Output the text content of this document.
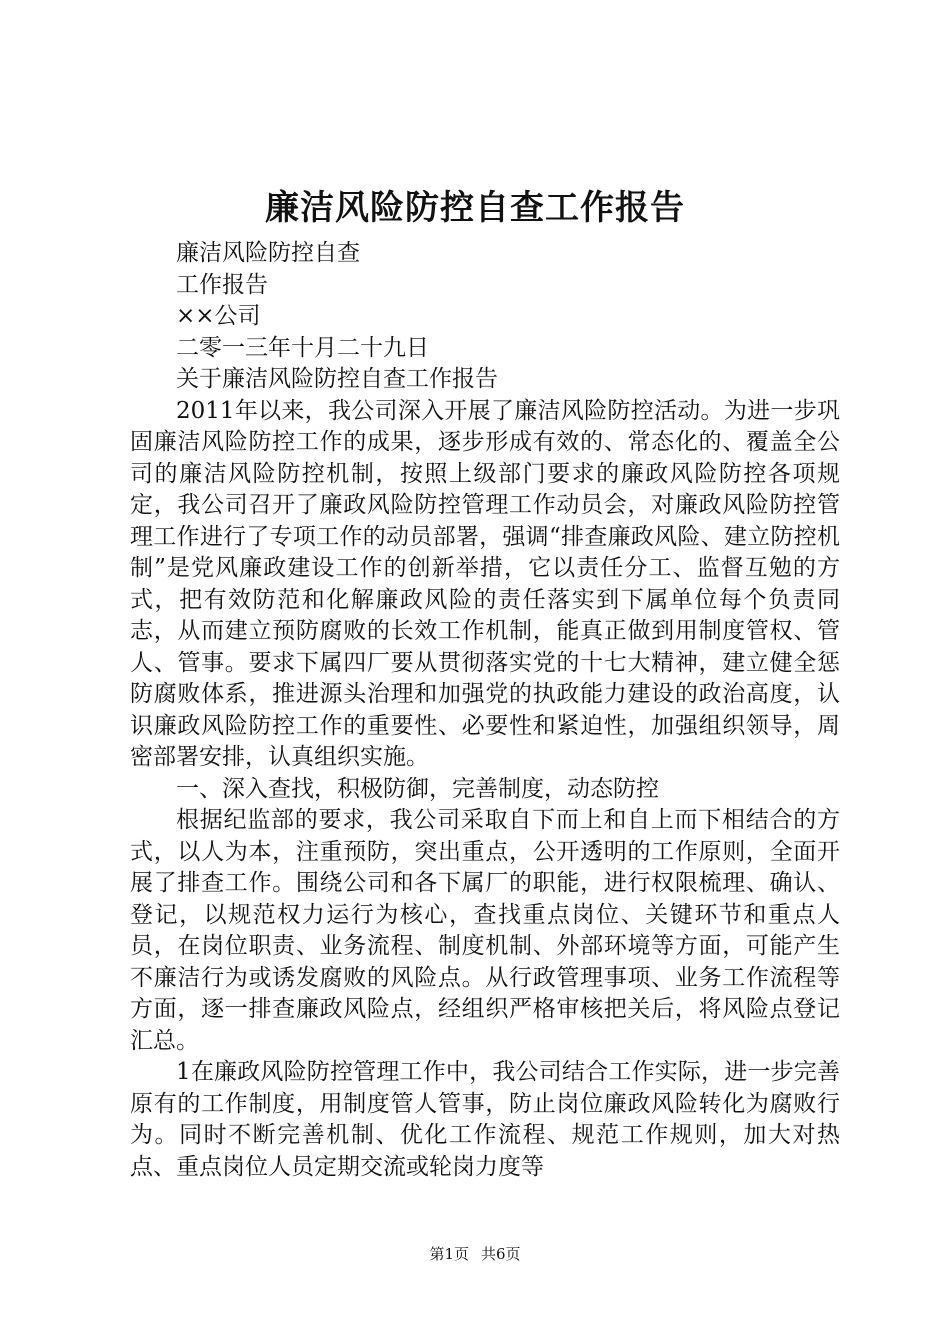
廉洁风险防控自查工作报告

廉洁风险防控自查

工作报告

××公司

二零一三年十月二十九日

关于廉洁风险防控自查工作报告

2011年以来，我公司深入开展了廉洁风险防控活动。为进一步巩固廉洁风险防控工作的成果，逐步形成有效的、常态化的、覆盖全公司的廉洁风险防控机制，按照上级部门要求的廉政风险防控各项规定，我公司召开了廉政风险防控管理工作动员会，对廉政风险防控管理工作进行了专项工作的动员部署，强调“排查廉政风险、建立防控机制”是党风廉政建设工作的创新举措，它以责任分工、监督互勉的方式，把有效防范和化解廉政风险的责任落实到下属单位每个负责同志，从而建立预防腐败的长效工作机制，能真正做到用制度管权、管人、管事。要求下属四厂要从贯彻落实党的十七大精神，建立健全惩防腐败体系，推进源头治理和加强党的执政能力建设的政治高度，认识廉政风险防控工作的重要性、必要性和紧迫性，加强组织领导，周密部署安排，认真组织实施。

一、深入查找，积极防御，完善制度，动态防控

根据纪监部的要求，我公司采取自下而上和自上而下相结合的方式，以人为本，注重预防，突出重点，公开透明的工作原则，全面开展了排查工作。围绕公司和各下属厂的职能，进行权限梳理、确认、登记，以规范权力运行为核心，查找重点岗位、关键环节和重点人员，在岗位职责、业务流程、制度机制、外部环境等方面，可能产生不廉洁行为或诱发腐败的风险点。从行政管理事项、业务工作流程等方面，逐一排查廉政风险点，经组织严格审核把关后，将风险点登记汇总。

1在廉政风险防控管理工作中，我公司结合工作实际，进一步完善原有的工作制度，用制度管人管事，防止岗位廉政风险转化为腐败行为。同时不断完善机制、优化工作流程、规范工作规则，加大对热点、重点岗位人员定期交流或轮岗力度等

第1页 共6页
